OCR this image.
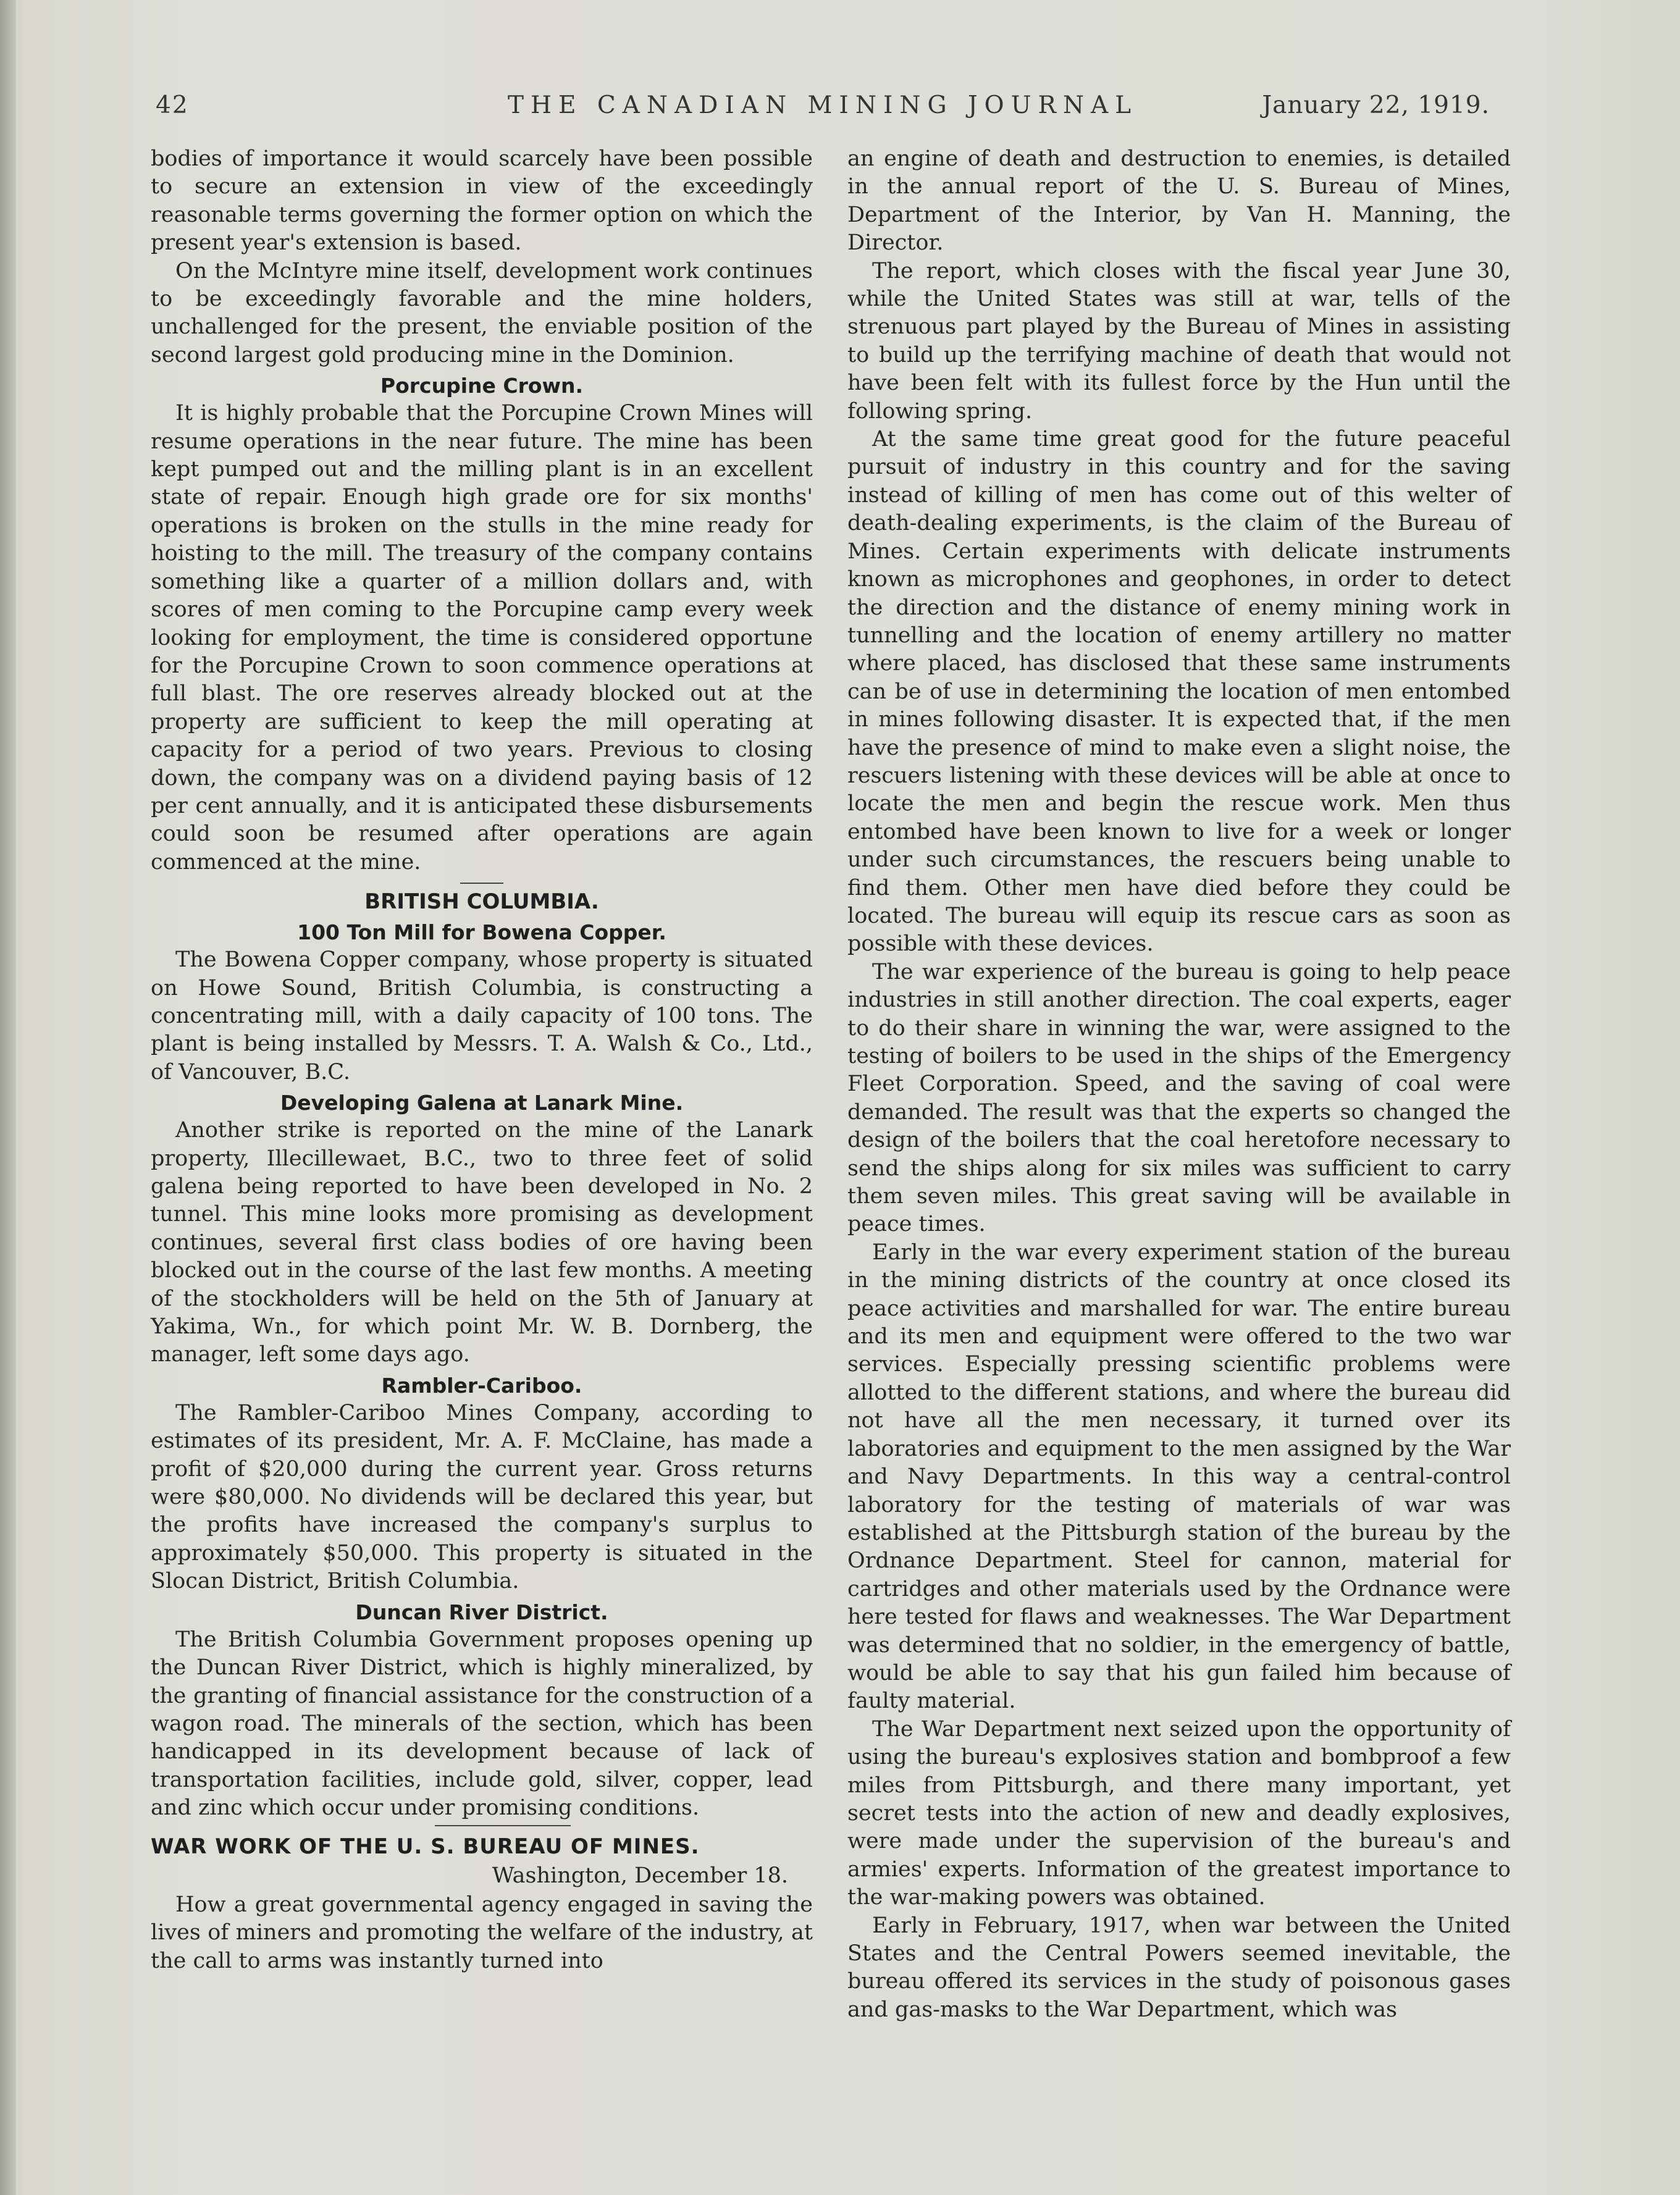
42	THE CANADIAN MINING JOURNAL	January 22, 1919.

bodies of importance it would scarcely have been possible to secure an extension in view of the exceedingly reasonable terms governing the former option on which the present year's extension is based.

On the McIntyre mine itself, development work continues to be exceedingly favorable and the mine holders, unchallenged for the present, the enviable position of the second largest gold producing mine in the Dominion.

Porcupine Crown.

It is highly probable that the Porcupine Crown Mines will resume operations in the near future. The mine has been kept pumped out and the milling plant is in an excellent state of repair. Enough high grade ore for six months' operations is broken on the stulls in the mine ready for hoisting to the mill. The treasury of the company contains something like a quarter of a million dollars and, with scores of men coming to the Porcupine camp every week looking for employment, the time is considered opportune for the Porcupine Crown to soon commence operations at full blast. The ore reserves already blocked out at the property are sufficient to keep the mill operating at capacity for a period of two years. Previous to closing down, the company was on a dividend paying basis of 12 per cent annually, and it is anticipated these disbursements could soon be resumed after operations are again commenced at the mine.

BRITISH COLUMBIA.
100 Ton Mill for Bowena Copper.

The Bowena Copper company, whose property is situated on Howe Sound, British Columbia, is constructing a concentrating mill, with a daily capacity of 100 tons. The plant is being installed by Messrs. T. A. Walsh & Co., Ltd., of Vancouver, B.C.

Developing Galena at Lanark Mine.

Another strike is reported on the mine of the Lanark property, Illecillewaet, B.C., two to three feet of solid galena being reported to have been developed in No. 2 tunnel. This mine looks more promising as development continues, several first class bodies of ore having been blocked out in the course of the last few months. A meeting of the stockholders will be held on the 5th of January at Yakima, Wn., for which point Mr. W. B. Dornberg, the manager, left some days ago.

Rambler-Cariboo.

The Rambler-Cariboo Mines Company, according to estimates of its president, Mr. A. F. McClaine, has made a profit of $20,000 during the current year. Gross returns were $80,000. No dividends will be declared this year, but the profits have increased the company's surplus to approximately $50,000. This property is situated in the Slocan District, British Columbia.

Duncan River District.

The British Columbia Government proposes opening up the Duncan River District, which is highly mineralized, by the granting of financial assistance for the construction of a wagon road. The minerals of the section, which has been handicapped in its development because of lack of transportation facilities, include gold, silver, copper, lead and zinc which occur under promising conditions.

WAR WORK OF THE U. S. BUREAU OF MINES.
Washington, December 18.

How a great governmental agency engaged in saving the lives of miners and promoting the welfare of the industry, at the call to arms was instantly turned into

an engine of death and destruction to enemies, is detailed in the annual report of the U. S. Bureau of Mines, Department of the Interior, by Van H. Manning, the Director.

The report, which closes with the fiscal year June 30, while the United States was still at war, tells of the strenuous part played by the Bureau of Mines in assisting to build up the terrifying machine of death that would not have been felt with its fullest force by the Hun until the following spring.

At the same time great good for the future peaceful pursuit of industry in this country and for the saving instead of killing of men has come out of this welter of death-dealing experiments, is the claim of the Bureau of Mines. Certain experiments with delicate instruments known as microphones and geophones, in order to detect the direction and the distance of enemy mining work in tunnelling and the location of enemy artillery no matter where placed, has disclosed that these same instruments can be of use in determining the location of men entombed in mines following disaster. It is expected that, if the men have the presence of mind to make even a slight noise, the rescuers listening with these devices will be able at once to locate the men and begin the rescue work. Men thus entombed have been known to live for a week or longer under such circumstances, the rescuers being unable to find them. Other men have died before they could be located. The bureau will equip its rescue cars as soon as possible with these devices.

The war experience of the bureau is going to help peace industries in still another direction. The coal experts, eager to do their share in winning the war, were assigned to the testing of boilers to be used in the ships of the Emergency Fleet Corporation. Speed, and the saving of coal were demanded. The result was that the experts so changed the design of the boilers that the coal heretofore necessary to send the ships along for six miles was sufficient to carry them seven miles. This great saving will be available in peace times.

Early in the war every experiment station of the bureau in the mining districts of the country at once closed its peace activities and marshalled for war. The entire bureau and its men and equipment were offered to the two war services. Especially pressing scientific problems were allotted to the different stations, and where the bureau did not have all the men necessary, it turned over its laboratories and equipment to the men assigned by the War and Navy Departments. In this way a central-control laboratory for the testing of materials of war was established at the Pittsburgh station of the bureau by the Ordnance Department. Steel for cannon, material for cartridges and other materials used by the Ordnance were here tested for flaws and weaknesses. The War Department was determined that no soldier, in the emergency of battle, would be able to say that his gun failed him because of faulty material.

The War Department next seized upon the opportunity of using the bureau's explosives station and bombproof a few miles from Pittsburgh, and there many important, yet secret tests into the action of new and deadly explosives, were made under the supervision of the bureau's and armies' experts. Information of the greatest importance to the war-making powers was obtained.

Early in February, 1917, when war between the United States and the Central Powers seemed inevitable, the bureau offered its services in the study of poisonous gases and gas-masks to the War Department, which was
